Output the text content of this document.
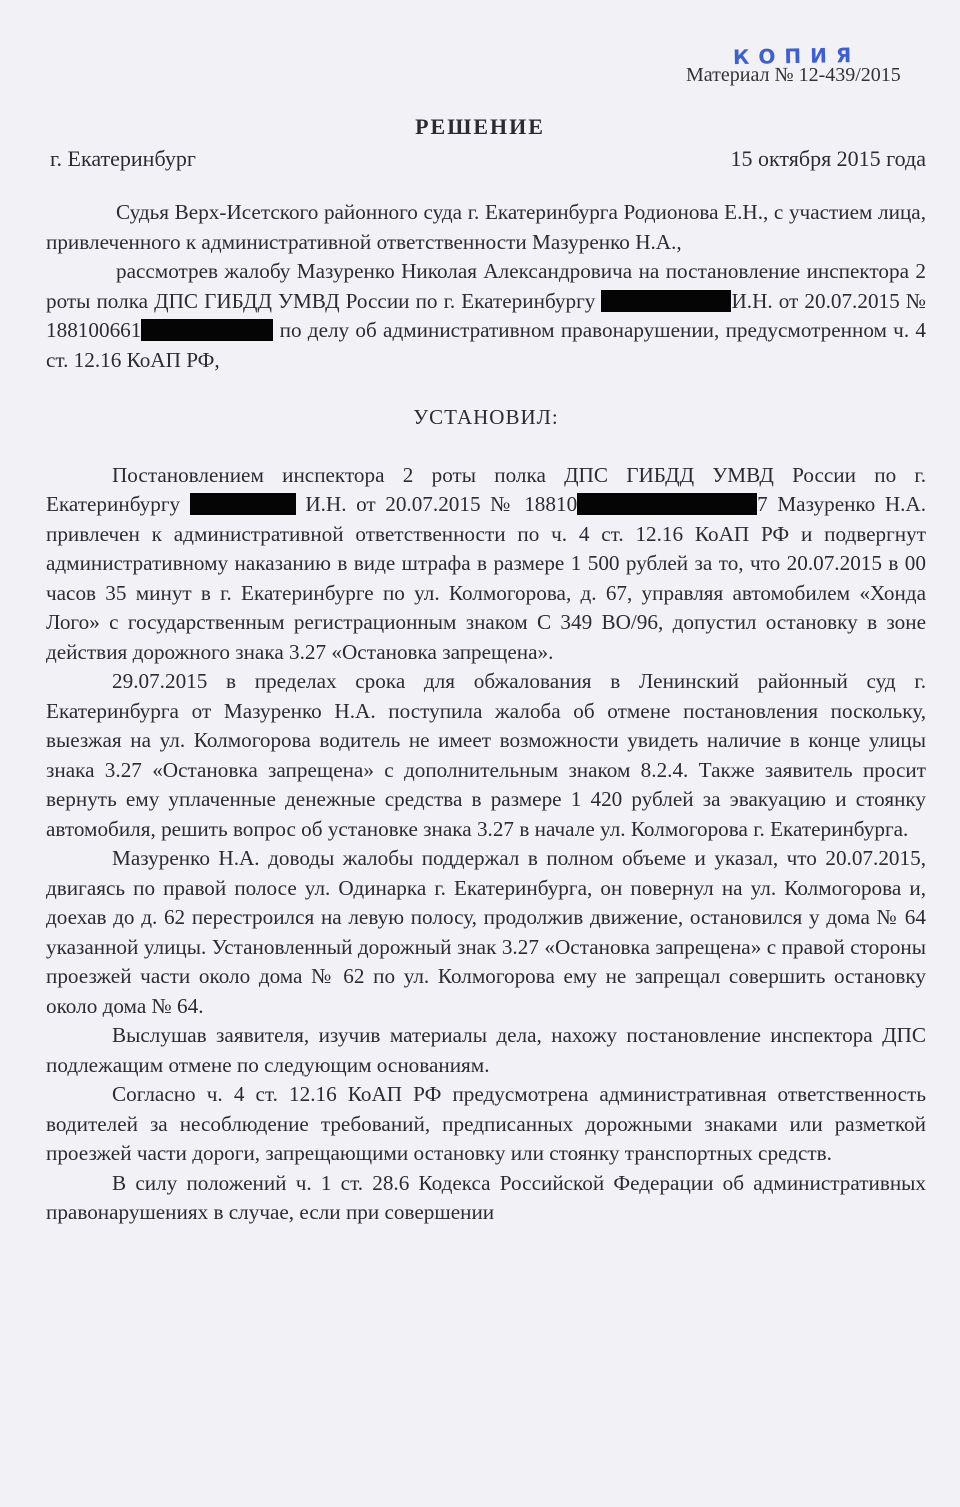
КОПИЯ
Материал № 12-439/2015
РЕШЕНИЕ
г. Екатеринбург	15 октября 2015 года

Судья Верх-Исетского районного суда г. Екатеринбурга Родионова Е.Н., с участием лица, привлеченного к административной ответственности Мазуренко Н.А.,

рассмотрев жалобу Мазуренко Николая Александровича на постановление инспектора 2 роты полка ДПС ГИБДД УМВД России по г. Екатеринбургу	И.Н. от 20.07.2015 № 188100661	по делу об административном правонарушении, предусмотренном ч. 4 ст. 12.16 КоАП РФ,

УСТАНОВИЛ:

Постановлением инспектора 2 роты полка ДПС ГИБДД УМВД России по г. Екатеринбургу	И.Н. от 20.07.2015 № 18810	7 Мазуренко Н.А. привлечен к административной ответственности по ч. 4 ст. 12.16 КоАП РФ и подвергнут административному наказанию в виде штрафа в размере 1 500 рублей за то, что 20.07.2015 в 00 часов 35 минут в г. Екатеринбурге по ул. Колмогорова, д. 67, управляя автомобилем «Хонда Лого» с государственным регистрационным знаком С 349 ВО/96, допустил остановку в зоне действия дорожного знака 3.27 «Остановка запрещена».

29.07.2015 в пределах срока для обжалования в Ленинский районный суд г. Екатеринбурга от Мазуренко Н.А. поступила жалоба об отмене постановления поскольку, выезжая на ул. Колмогорова водитель не имеет возможности увидеть наличие в конце улицы знака 3.27 «Остановка запрещена» с дополнительным знаком 8.2.4. Также заявитель просит вернуть ему уплаченные денежные средства в размере 1 420 рублей за эвакуацию и стоянку автомобиля, решить вопрос об установке знака 3.27 в начале ул. Колмогорова г. Екатеринбурга.

Мазуренко Н.А. доводы жалобы поддержал в полном объеме и указал, что 20.07.2015, двигаясь по правой полосе ул. Одинарка г. Екатеринбурга, он повернул на ул. Колмогорова и, доехав до д. 62 перестроился на левую полосу, продолжив движение, остановился у дома № 64 указанной улицы. Установленный дорожный знак 3.27 «Остановка запрещена» с правой стороны проезжей части около дома № 62 по ул. Колмогорова ему не запрещал совершить остановку около дома № 64.

Выслушав заявителя, изучив материалы дела, нахожу постановление инспектора ДПС подлежащим отмене по следующим основаниям.

Согласно ч. 4 ст. 12.16 КоАП РФ предусмотрена административная ответственность водителей за несоблюдение требований, предписанных дорожными знаками или разметкой проезжей части дороги, запрещающими остановку или стоянку транспортных средств.

В силу положений ч. 1 ст. 28.6 Кодекса Российской Федерации об административных правонарушениях в случае, если при совершении
